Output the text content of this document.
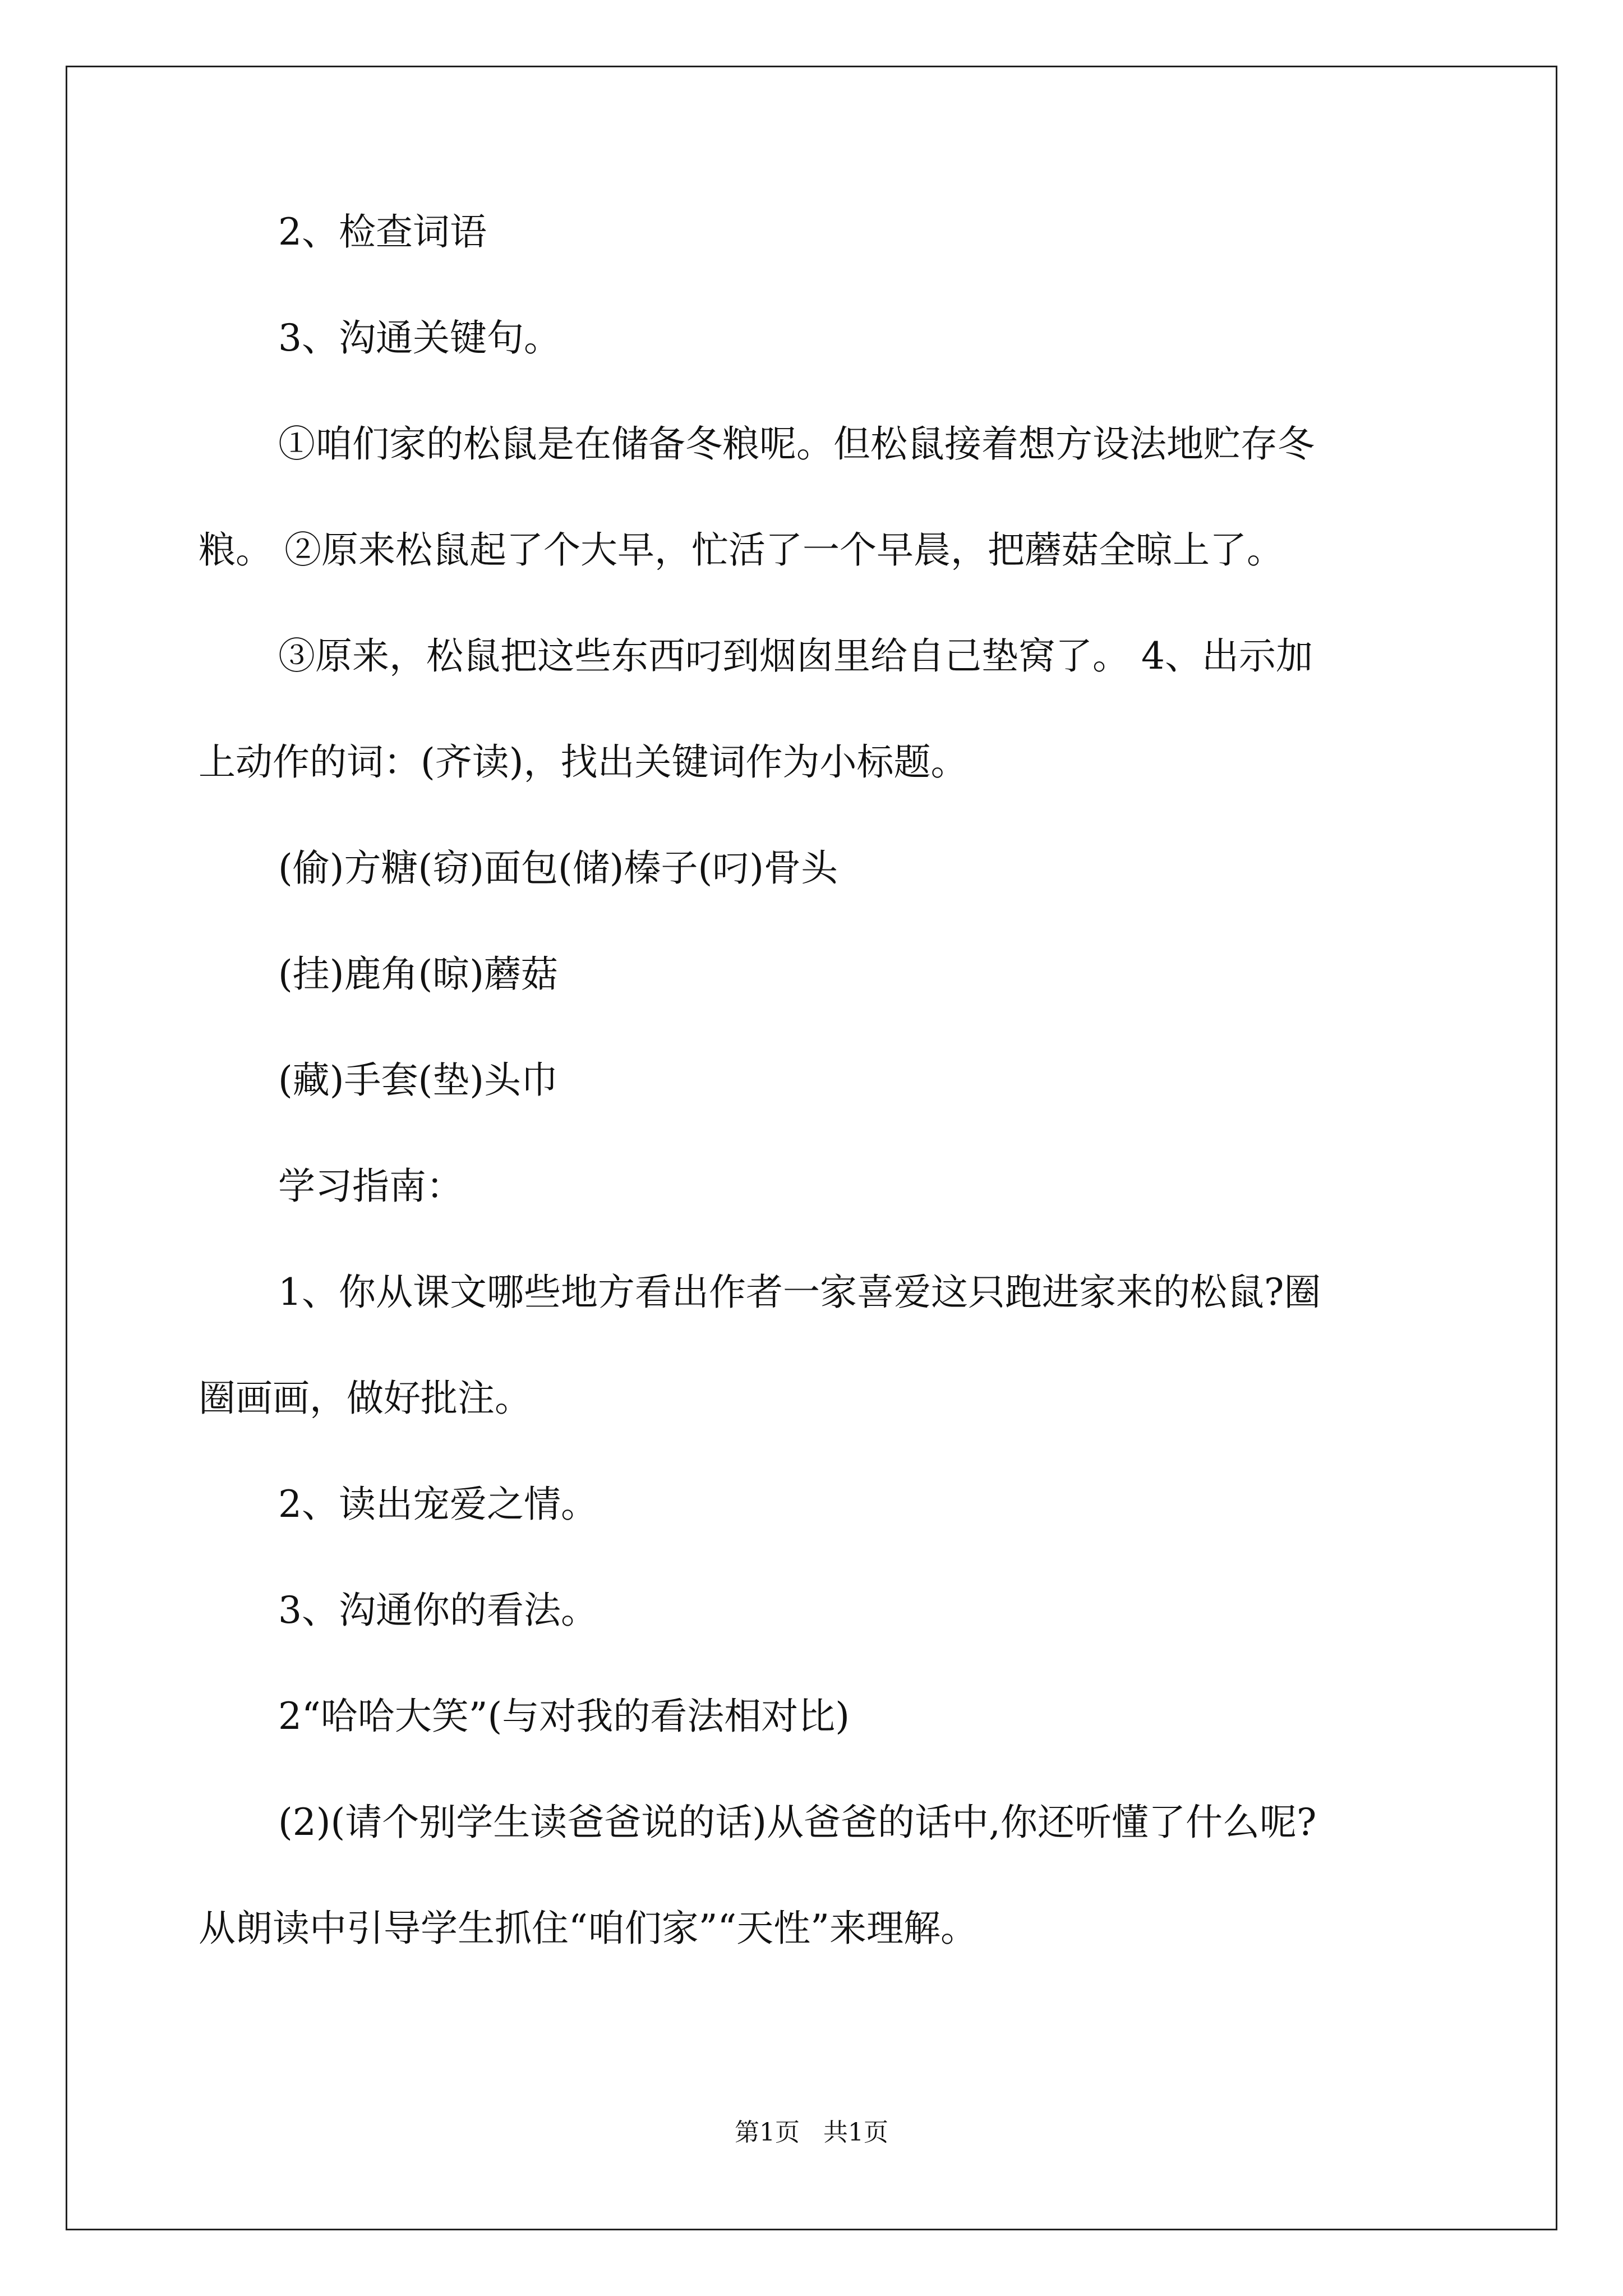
2、检查词语

3、沟通关键句。

①咱们家的松鼠是在储备冬粮呢。但松鼠接着想方设法地贮存冬

粮。 ②原来松鼠起了个大早，忙活了一个早晨，把蘑菇全晾上了。

③原来，松鼠把这些东西叼到烟囱里给自己垫窝了。 4、出示加

上动作的词：(齐读)，找出关键词作为小标题。

(偷)方糖(窃)面包(储)榛子(叼)骨头

(挂)鹿角(晾)蘑菇

(藏)手套(垫)头巾

学习指南：

1、你从课文哪些地方看出作者一家喜爱这只跑进家来的松鼠?圈

圈画画，做好批注。

2、读出宠爱之情。

3、沟通你的看法。

2“哈哈大笑”(与对我的看法相对比)

(2)(请个别学生读爸爸说的话)从爸爸的话中,你还听懂了什么呢?

从朗读中引导学生抓住“咱们家”“天性”来理解。

第1页   共1页
